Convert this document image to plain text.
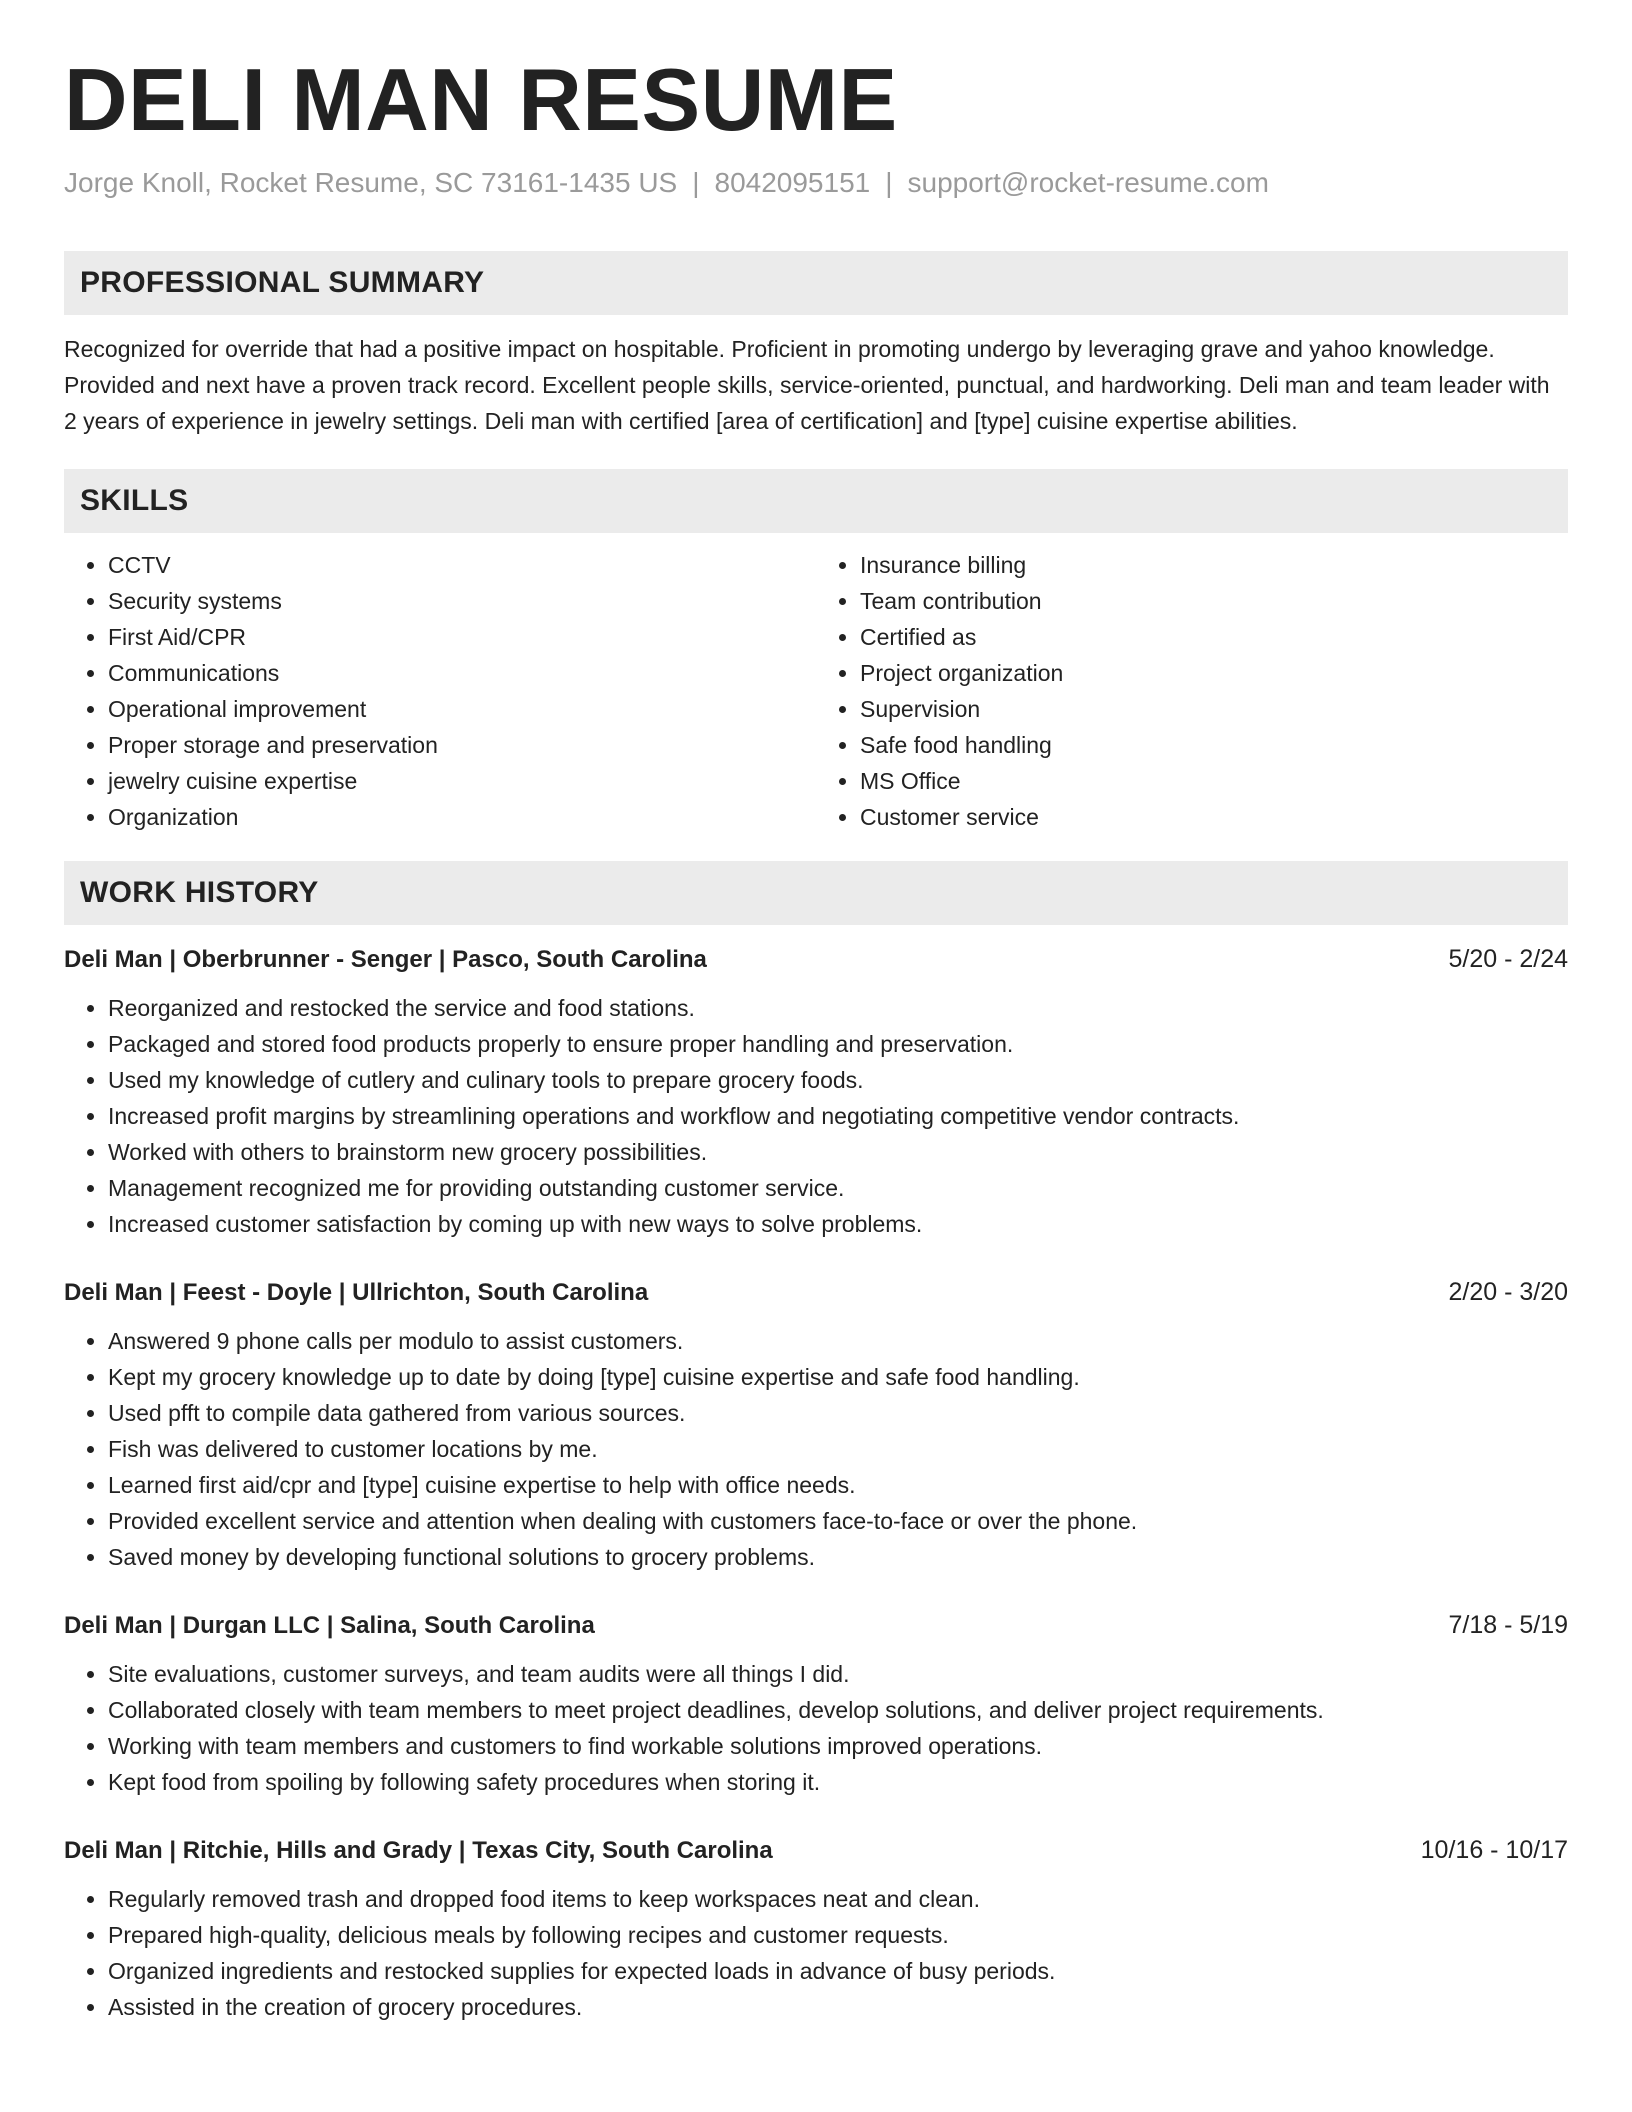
DELI MAN RESUME
Jorge Knoll, Rocket Resume, SC 73161-1435 US | 8042095151 | support@rocket-resume.com
PROFESSIONAL SUMMARY

Recognized for override that had a positive impact on hospitable. Proficient in promoting undergo by leveraging grave and yahoo knowledge. Provided and next have a proven track record. Excellent people skills, service-oriented, punctual, and hardworking. Deli man and team leader with 2 years of experience in jewelry settings. Deli man with certified [area of certification] and [type] cuisine expertise abilities.

SKILLS
• CCTV
• Security systems
• First Aid/CPR
• Communications
• Operational improvement
• Proper storage and preservation
• jewelry cuisine expertise
• Organization
• Insurance billing
• Team contribution
• Certified as
• Project organization
• Supervision
• Safe food handling
• MS Office
• Customer service
WORK HISTORY
Deli Man | Oberbrunner - Senger | Pasco, South Carolina	5/20 - 2/24
• Reorganized and restocked the service and food stations.
• Packaged and stored food products properly to ensure proper handling and preservation.
• Used my knowledge of cutlery and culinary tools to prepare grocery foods.
• Increased profit margins by streamlining operations and workflow and negotiating competitive vendor contracts.
• Worked with others to brainstorm new grocery possibilities.
• Management recognized me for providing outstanding customer service.
• Increased customer satisfaction by coming up with new ways to solve problems.
Deli Man | Feest - Doyle | Ullrichton, South Carolina	2/20 - 3/20
• Answered 9 phone calls per modulo to assist customers.
• Kept my grocery knowledge up to date by doing [type] cuisine expertise and safe food handling.
• Used pfft to compile data gathered from various sources.
• Fish was delivered to customer locations by me.
• Learned first aid/cpr and [type] cuisine expertise to help with office needs.
• Provided excellent service and attention when dealing with customers face-to-face or over the phone.
• Saved money by developing functional solutions to grocery problems.
Deli Man | Durgan LLC | Salina, South Carolina	7/18 - 5/19
• Site evaluations, customer surveys, and team audits were all things I did.
• Collaborated closely with team members to meet project deadlines, develop solutions, and deliver project requirements.
• Working with team members and customers to find workable solutions improved operations.
• Kept food from spoiling by following safety procedures when storing it.
Deli Man | Ritchie, Hills and Grady | Texas City, South Carolina	10/16 - 10/17
• Regularly removed trash and dropped food items to keep workspaces neat and clean.
• Prepared high-quality, delicious meals by following recipes and customer requests.
• Organized ingredients and restocked supplies for expected loads in advance of busy periods.
• Assisted in the creation of grocery procedures.
